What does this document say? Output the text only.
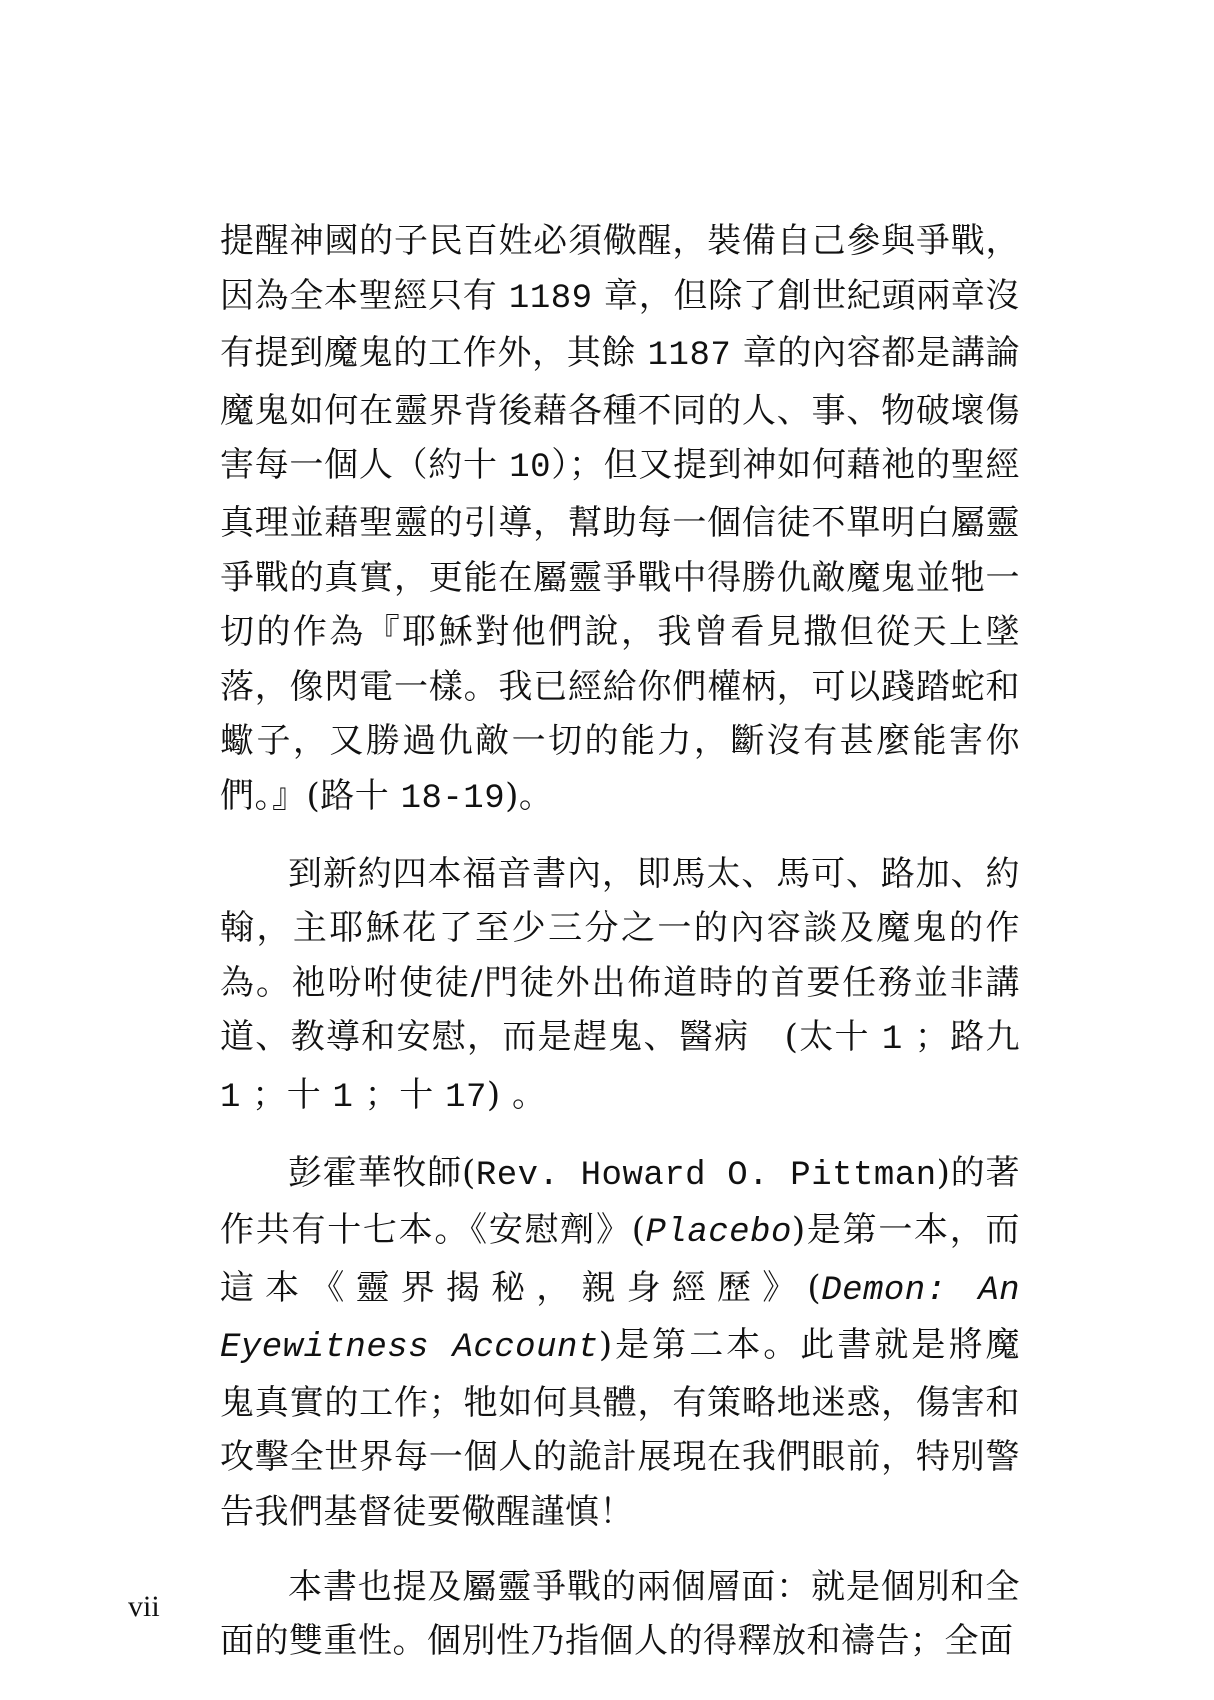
提醒神國的子民百姓必須儆醒，裝備自己參與爭戰，因為全本聖經只有 1189 章，但除了創世紀頭兩章沒有提到魔鬼的工作外，其餘 1187 章的內容都是講論魔鬼如何在靈界背後藉各種不同的人、事、物破壞傷害每一個人（約十 10）；但又提到神如何藉祂的聖經真理並藉聖靈的引導，幫助每一個信徒不單明白屬靈爭戰的真實，更能在屬靈爭戰中得勝仇敵魔鬼並牠一切的作為『耶穌對他們說，我曾看見撒但從天上墜落，像閃電一樣。我已經給你們權柄，可以踐踏蛇和蠍子，又勝過仇敵一切的能力，斷沒有甚麼能害你們。』(路十 18-19)。

到新約四本福音書內，即馬太、馬可、路加、約翰，主耶穌花了至少三分之一的內容談及魔鬼的作為。祂吩咐使徒/門徒外出佈道時的首要任務並非講道、教導和安慰，而是趕鬼、醫病　(太十 1 ；路九 1 ；十 1 ；十 17) 。

彭霍華牧師(Rev. Howard O. Pittman)的著作共有十七本。《安慰劑》(Placebo)是第一本，而這本《靈界揭秘，親身經歷》(Demon: An Eyewitness Account)是第二本。此書就是將魔鬼真實的工作；牠如何具體，有策略地迷惑，傷害和攻擊全世界每一個人的詭計展現在我們眼前，特別警告我們基督徒要儆醒謹慎！

本書也提及屬靈爭戰的兩個層面：就是個別和全面的雙重性。個別性乃指個人的得釋放和禱告；全面

vii
